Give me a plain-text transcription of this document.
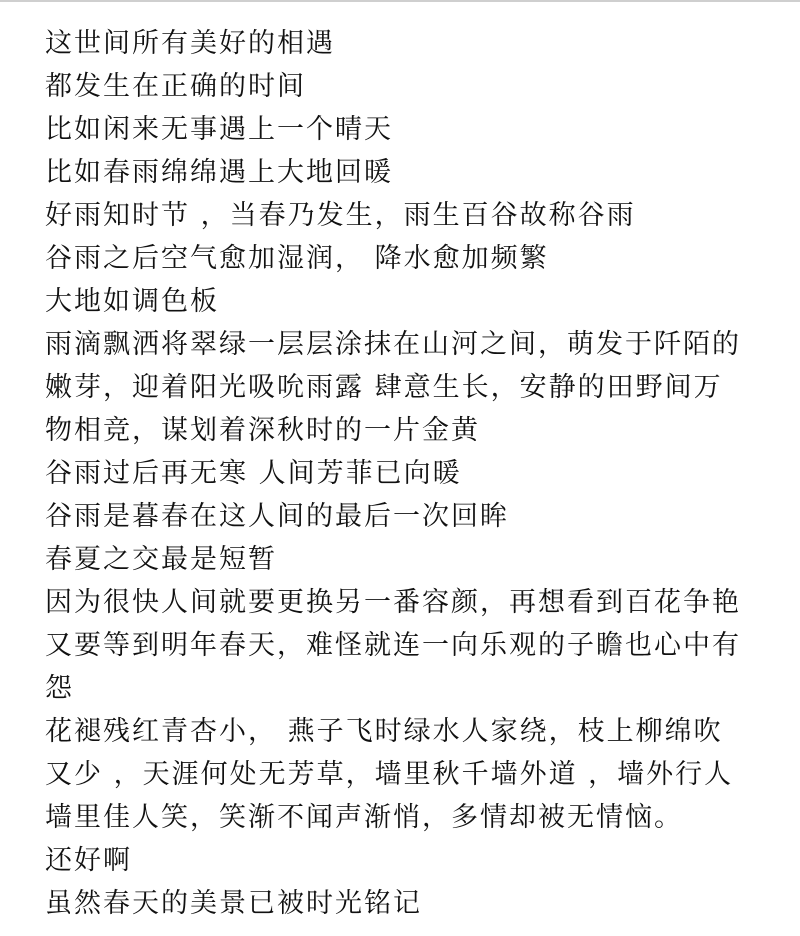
这世间所有美好的相遇
都发生在正确的时间
比如闲来无事遇上一个晴天
比如春雨绵绵遇上大地回暖
好雨知时节 ，当春乃发生，雨生百谷故称谷雨
谷雨之后空气愈加湿润， 降水愈加频繁
大地如调色板
雨滴飘洒将翠绿一层层涂抹在山河之间，萌发于阡陌的
嫩芽，迎着阳光吸吮雨露 肆意生长，安静的田野间万
物相竞，谋划着深秋时的一片金黄
谷雨过后再无寒 人间芳菲已向暖
谷雨是暮春在这人间的最后一次回眸
春夏之交最是短暂
因为很快人间就要更换另一番容颜，再想看到百花争艳
又要等到明年春天，难怪就连一向乐观的子瞻也心中有
怨
花褪残红青杏小， 燕子飞时绿水人家绕，枝上柳绵吹
又少 ，天涯何处无芳草，墙里秋千墙外道 ，墙外行人
墙里佳人笑，笑渐不闻声渐悄，多情却被无情恼。
还好啊
虽然春天的美景已被时光铭记
